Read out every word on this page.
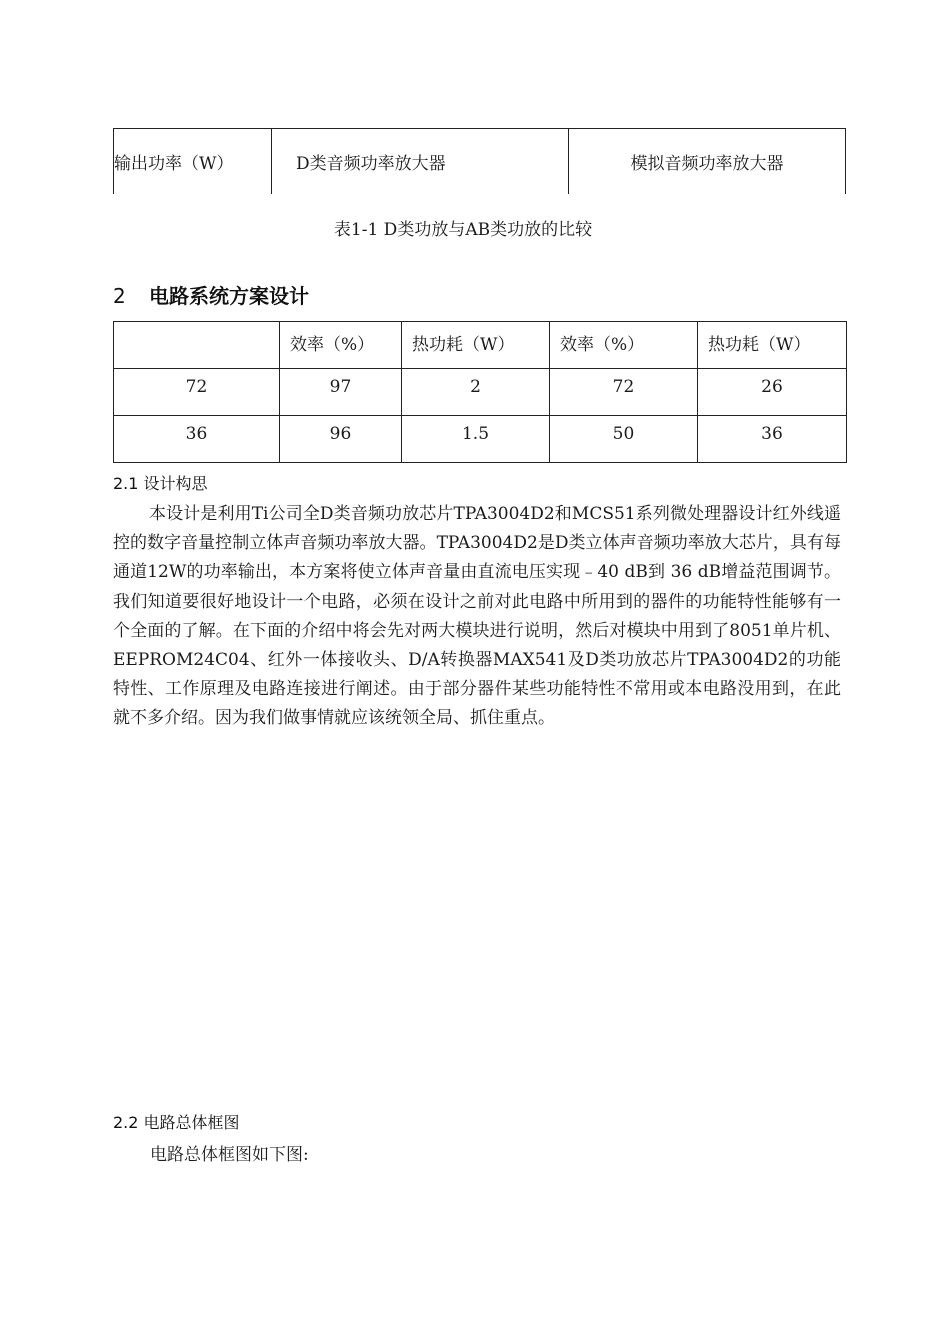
输出功率（W）	D类音频功率放大器	模拟音频功率放大器
表1-1 D类功放与AB类功放的比较
2 电路系统方案设计
	效率（%）	热功耗（W）	效率（%）	热功耗（W）
72	97	2	72	26
36	96	1.5	50	36
2.1 设计构思

本设计是利用Ti公司全D类音频功放芯片TPA3004D2和MCS51系列微处理器设计红外线遥控的数字音量控制立体声音频功率放大器。TPA3004D2是D类立体声音频功率放大芯片，具有每通道12W的功率输出，本方案将使立体声音量由直流电压实现﹣40 dB到 36 dB增益范围调节。我们知道要很好地设计一个电路，必须在设计之前对此电路中所用到的器件的功能特性能够有一个全面的了解。在下面的介绍中将会先对两大模块进行说明，然后对模块中用到了8051单片机、EEPROM24C04、红外一体接收头、D/A转换器MAX541及D类功放芯片TPA3004D2的功能特性、工作原理及电路连接进行阐述。由于部分器件某些功能特性不常用或本电路没用到，在此就不多介绍。因为我们做事情就应该统领全局、抓住重点。

2.2 电路总体框图
电路总体框图如下图:
